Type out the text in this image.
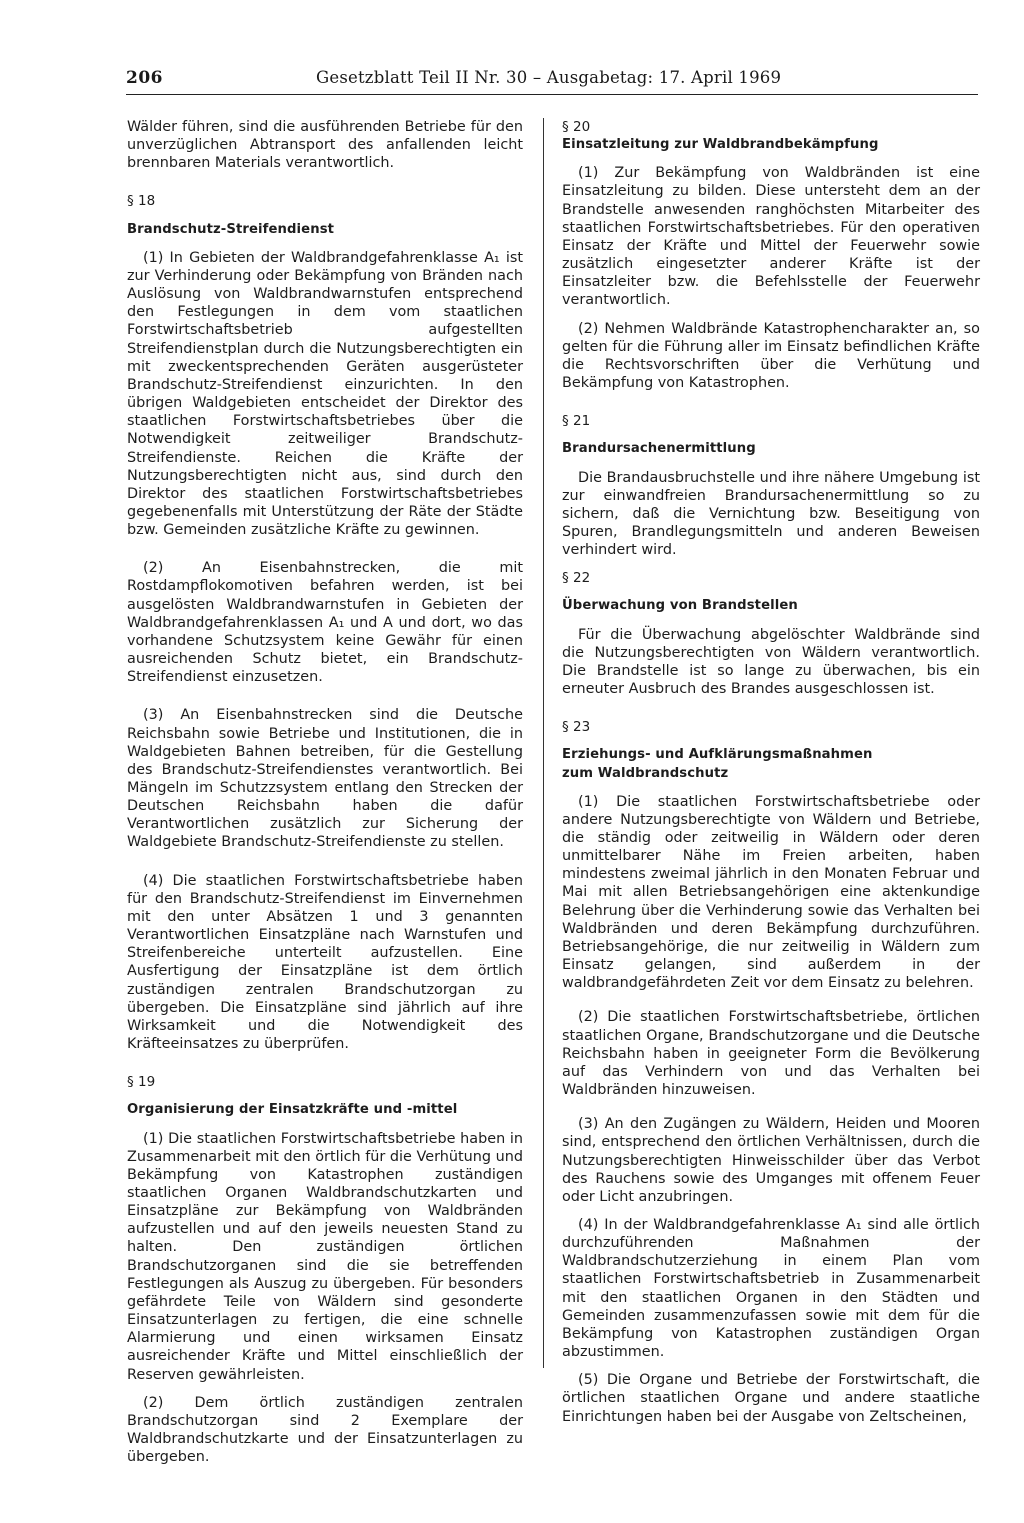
206	Gesetzblatt Teil II Nr. 30 – Ausgabetag: 17. April 1969

Wälder führen, sind die ausführenden Betriebe für den unverzüglichen Abtransport des anfallenden leicht brennbaren Materials verantwortlich.

§ 18

Brandschutz-Streifendienst

(1) In Gebieten der Waldbrandgefahrenklasse A₁ ist zur Verhinderung oder Bekämpfung von Bränden nach Auslösung von Waldbrandwarnstufen entsprechend den Festlegungen in dem vom staatlichen Forstwirtschaftsbetrieb aufgestellten Streifendienstplan durch die Nutzungsberechtigten ein mit zweckentsprechenden Geräten ausgerüsteter Brandschutz-Streifendienst einzurichten. In den übrigen Waldgebieten entscheidet der Direktor des staatlichen Forstwirtschaftsbetriebes über die Notwendigkeit zeitweiliger Brandschutz-Streifendienste. Reichen die Kräfte der Nutzungsberechtigten nicht aus, sind durch den Direktor des staatlichen Forstwirtschaftsbetriebes gegebenenfalls mit Unterstützung der Räte der Städte bzw. Gemeinden zusätzliche Kräfte zu gewinnen.

(2) An Eisenbahnstrecken, die mit Rostdampflokomotiven befahren werden, ist bei ausgelösten Waldbrandwarnstufen in Gebieten der Waldbrandgefahrenklassen A₁ und A und dort, wo das vorhandene Schutzsystem keine Gewähr für einen ausreichenden Schutz bietet, ein Brandschutz-Streifendienst einzusetzen.

(3) An Eisenbahnstrecken sind die Deutsche Reichsbahn sowie Betriebe und Institutionen, die in Waldgebieten Bahnen betreiben, für die Gestellung des Brandschutz-Streifendienstes verantwortlich. Bei Mängeln im Schutzzsystem entlang den Strecken der Deutschen Reichsbahn haben die dafür Verantwortlichen zusätzlich zur Sicherung der Waldgebiete Brandschutz-Streifendienste zu stellen.

(4) Die staatlichen Forstwirtschaftsbetriebe haben für den Brandschutz-Streifendienst im Einvernehmen mit den unter Absätzen 1 und 3 genannten Verantwortlichen Einsatzpläne nach Warnstufen und Streifenbereiche unterteilt aufzustellen. Eine Ausfertigung der Einsatzpläne ist dem örtlich zuständigen zentralen Brandschutzorgan zu übergeben. Die Einsatzpläne sind jährlich auf ihre Wirksamkeit und die Notwendigkeit des Kräfteeinsatzes zu überprüfen.

§ 19

Organisierung der Einsatzkräfte und -mittel

(1) Die staatlichen Forstwirtschaftsbetriebe haben in Zusammenarbeit mit den örtlich für die Verhütung und Bekämpfung von Katastrophen zuständigen staatlichen Organen Waldbrandschutzkarten und Einsatzpläne zur Bekämpfung von Waldbränden aufzustellen und auf den jeweils neuesten Stand zu halten. Den zuständigen örtlichen Brandschutzorganen sind die sie betreffenden Festlegungen als Auszug zu übergeben. Für besonders gefährdete Teile von Wäldern sind gesonderte Einsatzunterlagen zu fertigen, die eine schnelle Alarmierung und einen wirksamen Einsatz ausreichender Kräfte und Mittel einschließlich der Reserven gewährleisten.

(2) Dem örtlich zuständigen zentralen Brandschutzorgan sind 2 Exemplare der Waldbrandschutzkarte und der Einsatzunterlagen zu übergeben.

§ 20

Einsatzleitung zur Waldbrandbekämpfung

(1) Zur Bekämpfung von Waldbränden ist eine Einsatzleitung zu bilden. Diese untersteht dem an der Brandstelle anwesenden ranghöchsten Mitarbeiter des staatlichen Forstwirtschaftsbetriebes. Für den operativen Einsatz der Kräfte und Mittel der Feuerwehr sowie zusätzlich eingesetzter anderer Kräfte ist der Einsatzleiter bzw. die Befehlsstelle der Feuerwehr verantwortlich.

(2) Nehmen Waldbrände Katastrophencharakter an, so gelten für die Führung aller im Einsatz befindlichen Kräfte die Rechtsvorschriften über die Verhütung und Bekämpfung von Katastrophen.

§ 21

Brandursachenermittlung

Die Brandausbruchstelle und ihre nähere Umgebung ist zur einwandfreien Brandursachenermittlung so zu sichern, daß die Vernichtung bzw. Beseitigung von Spuren, Brandlegungsmitteln und anderen Beweisen verhindert wird.

§ 22

Überwachung von Brandstellen

Für die Überwachung abgelöschter Waldbrände sind die Nutzungsberechtigten von Wäldern verantwortlich. Die Brandstelle ist so lange zu überwachen, bis ein erneuter Ausbruch des Brandes ausgeschlossen ist.

§ 23

Erziehungs- und Aufklärungsmaßnahmen

zum Waldbrandschutz

(1) Die staatlichen Forstwirtschaftsbetriebe oder andere Nutzungsberechtigte von Wäldern und Betriebe, die ständig oder zeitweilig in Wäldern oder deren unmittelbarer Nähe im Freien arbeiten, haben mindestens zweimal jährlich in den Monaten Februar und Mai mit allen Betriebsangehörigen eine aktenkundige Belehrung über die Verhinderung sowie das Verhalten bei Waldbränden und deren Bekämpfung durchzuführen. Betriebsangehörige, die nur zeitweilig in Wäldern zum Einsatz gelangen, sind außerdem in der waldbrandgefährdeten Zeit vor dem Einsatz zu belehren.

(2) Die staatlichen Forstwirtschaftsbetriebe, örtlichen staatlichen Organe, Brandschutzorgane und die Deutsche Reichsbahn haben in geeigneter Form die Bevölkerung auf das Verhindern von und das Verhalten bei Waldbränden hinzuweisen.

(3) An den Zugängen zu Wäldern, Heiden und Mooren sind, entsprechend den örtlichen Verhältnissen, durch die Nutzungsberechtigten Hinweisschilder über das Verbot des Rauchens sowie des Umganges mit offenem Feuer oder Licht anzubringen.

(4) In der Waldbrandgefahrenklasse A₁ sind alle örtlich durchzuführenden Maßnahmen der Waldbrandschutzerziehung in einem Plan vom staatlichen Forstwirtschaftsbetrieb in Zusammenarbeit mit den staatlichen Organen in den Städten und Gemeinden zusammenzufassen sowie mit dem für die Bekämpfung von Katastrophen zuständigen Organ abzustimmen.

(5) Die Organe und Betriebe der Forstwirtschaft, die örtlichen staatlichen Organe und andere staatliche Einrichtungen haben bei der Ausgabe von Zeltscheinen,
